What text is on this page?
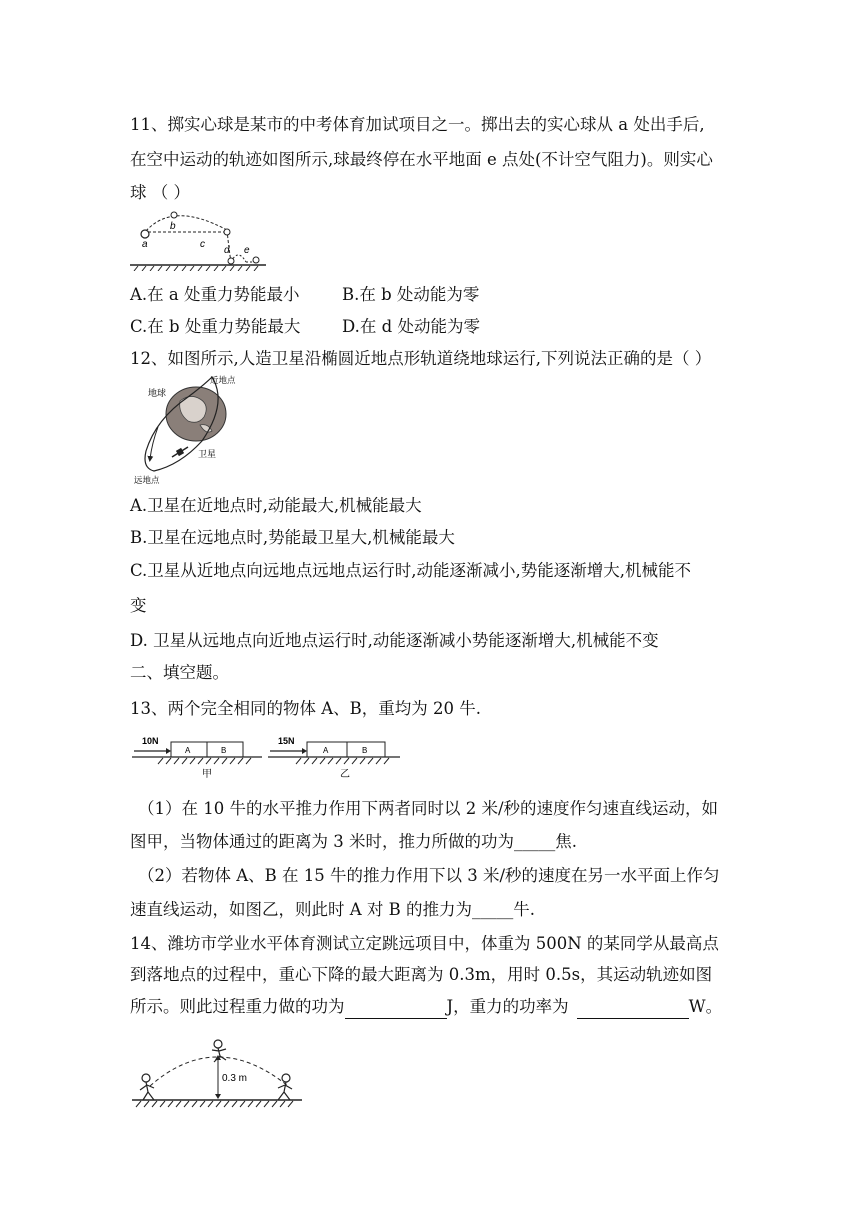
11、掷实心球是某市的中考体育加试项目之一。掷出去的实心球从 a 处出手后,
在空中运动的轨迹如图所示,球最终停在水平地面 e 点处(不计空气阻力)。则实心
球 （ ）
a
b
c
d e
A.在 a 处重力势能最小	B.在 b 处动能为零
C.在 b 处重力势能最大	D.在 d 处动能为零
12、如图所示,人造卫星沿椭圆近地点形轨道绕地球运行,下列说法正确的是（ ）
地球
近地点
卫星
远地点
A.卫星在近地点时,动能最大,机械能最大
B.卫星在远地点时,势能最卫星大,机械能最大
C.卫星从近地点向远地点远地点运行时,动能逐渐减小,势能逐渐增大,机械能不
变
D. 卫星从远地点向近地点运行时,动能逐渐减小势能逐渐增大,机械能不变
二、填空题。
13、两个完全相同的物体 A、B，重均为 20 牛.
10N
A	B
甲
15N
A	B
乙
（1）在 10 牛的水平推力作用下两者同时以 2 米/秒的速度作匀速直线运动，如
图甲，当物体通过的距离为 3 米时，推力所做的功为_____焦.
（2）若物体 A、B 在 15 牛的推力作用下以 3 米/秒的速度在另一水平面上作匀
速直线运动，如图乙，则此时 A 对 B 的推力为_____牛.
14、潍坊市学业水平体育测试立定跳远项目中，体重为 500N 的某同学从最高点
到落地点的过程中，重心下降的最大距离为 0.3m，用时 0.5s，其运动轨迹如图
所示。则此过程重力做的功为	J，重力的功率为	W。
0.3 m
